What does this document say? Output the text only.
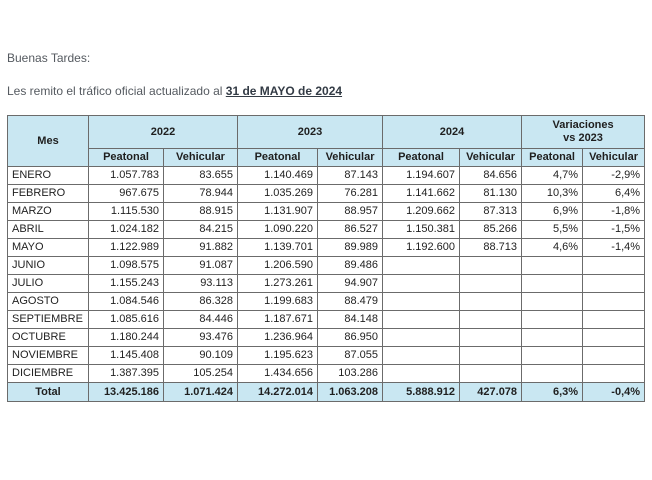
Buenas Tardes:
Les remito el tráfico oficial actualizado al 31 de MAYO de 2024
Mes	2022		2023		2024		Variaciones
vs 2023	
	Peatonal	Vehicular	Peatonal	Vehicular	Peatonal	Vehicular	Peatonal	Vehicular
ENERO	1.057.783	83.655	1.140.469	87.143	1.194.607	84.656	4,7%	-2,9%
FEBRERO	967.675	78.944	1.035.269	76.281	1.141.662	81.130	10,3%	6,4%
MARZO	1.115.530	88.915	1.131.907	88.957	1.209.662	87.313	6,9%	-1,8%
ABRIL	1.024.182	84.215	1.090.220	86.527	1.150.381	85.266	5,5%	-1,5%
MAYO	1.122.989	91.882	1.139.701	89.989	1.192.600	88.713	4,6%	-1,4%
JUNIO	1.098.575	91.087	1.206.590	89.486				
JULIO	1.155.243	93.113	1.273.261	94.907				
AGOSTO	1.084.546	86.328	1.199.683	88.479				
SEPTIEMBRE	1.085.616	84.446	1.187.671	84.148				
OCTUBRE	1.180.244	93.476	1.236.964	86.950				
NOVIEMBRE	1.145.408	90.109	1.195.623	87.055				
DICIEMBRE	1.387.395	105.254	1.434.656	103.286				
Total	13.425.186	1.071.424	14.272.014	1.063.208	5.888.912	427.078	6,3%	-0,4%
